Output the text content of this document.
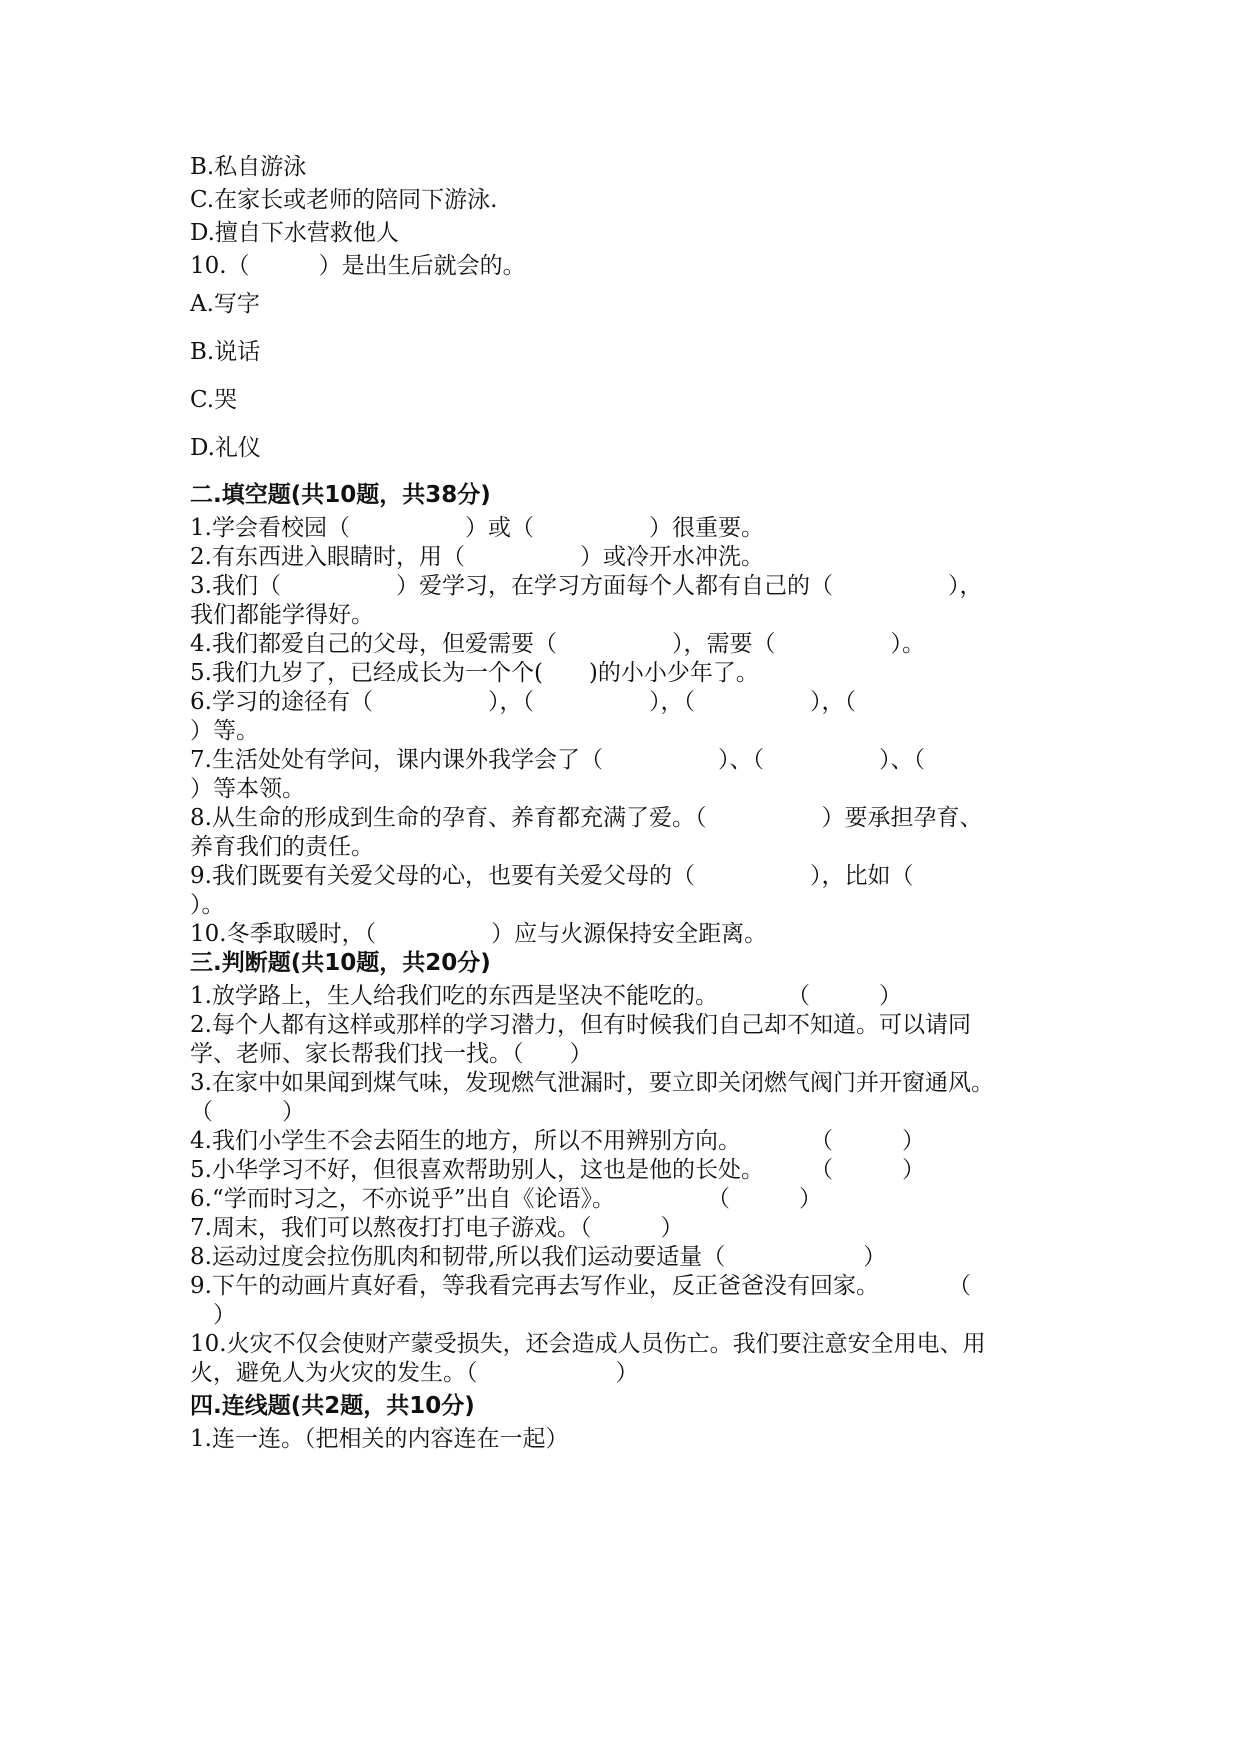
B.私自游泳
C.在家长或老师的陪同下游泳.
D.擅自下水营救他人
10.（　　　）是出生后就会的。
A.写字
B.说话
C.哭
D.礼仪
二.填空题(共10题，共38分)
1.学会看校园（　　　　　）或（　　　　　）很重要。
2.有东西进入眼睛时，用（　　　　　）或冷开水冲洗。
3.我们（　　　　　）爱学习，在学习方面每个人都有自己的（　　　　　），
我们都能学得好。
4.我们都爱自己的父母，但爱需要（　　　　　），需要（　　　　　）。
5.我们九岁了，已经成长为一个个(　　)的小小少年了。
6.学习的途径有（　　　　　），（　　　　　），（　　　　　），（
）等。
7.生活处处有学问，课内课外我学会了（　　　　　）、（　　　　　）、（
）等本领。
8.从生命的形成到生命的孕育、养育都充满了爱。（　　　　　）要承担孕育、
养育我们的责任。
9.我们既要有关爱父母的心，也要有关爱父母的（　　　　　），比如（
）。
10.冬季取暖时，（　　　　　）应与火源保持安全距离。
三.判断题(共10题，共20分)
1.放学路上，生人给我们吃的东西是坚决不能吃的。　　　　（　　　）
2.每个人都有这样或那样的学习潜力，但有时候我们自己却不知道。可以请同
学、老师、家长帮我们找一找。（　　）
3.在家中如果闻到煤气味，发现燃气泄漏时，要立即关闭燃气阀门并开窗通风。
（　　　）
4.我们小学生不会去陌生的地方，所以不用辨别方向。　　　　（　　　）
5.小华学习不好，但很喜欢帮助别人，这也是他的长处。　　　（　　　）
6.“学而时习之，不亦说乎”出自《论语》。　　　　　（　　　）
7.周末，我们可以熬夜打打电子游戏。（　　　）
8.运动过度会拉伤肌肉和韧带,所以我们运动要适量（　　　　　　）
9.下午的动画片真好看，等我看完再去写作业，反正爸爸没有回家。　　　　（
　）
10.火灾不仅会使财产蒙受损失，还会造成人员伤亡。我们要注意安全用电、用
火，避免人为火灾的发生。（　　　　　　）
四.连线题(共2题，共10分)
1.连一连。（把相关的内容连在一起）
